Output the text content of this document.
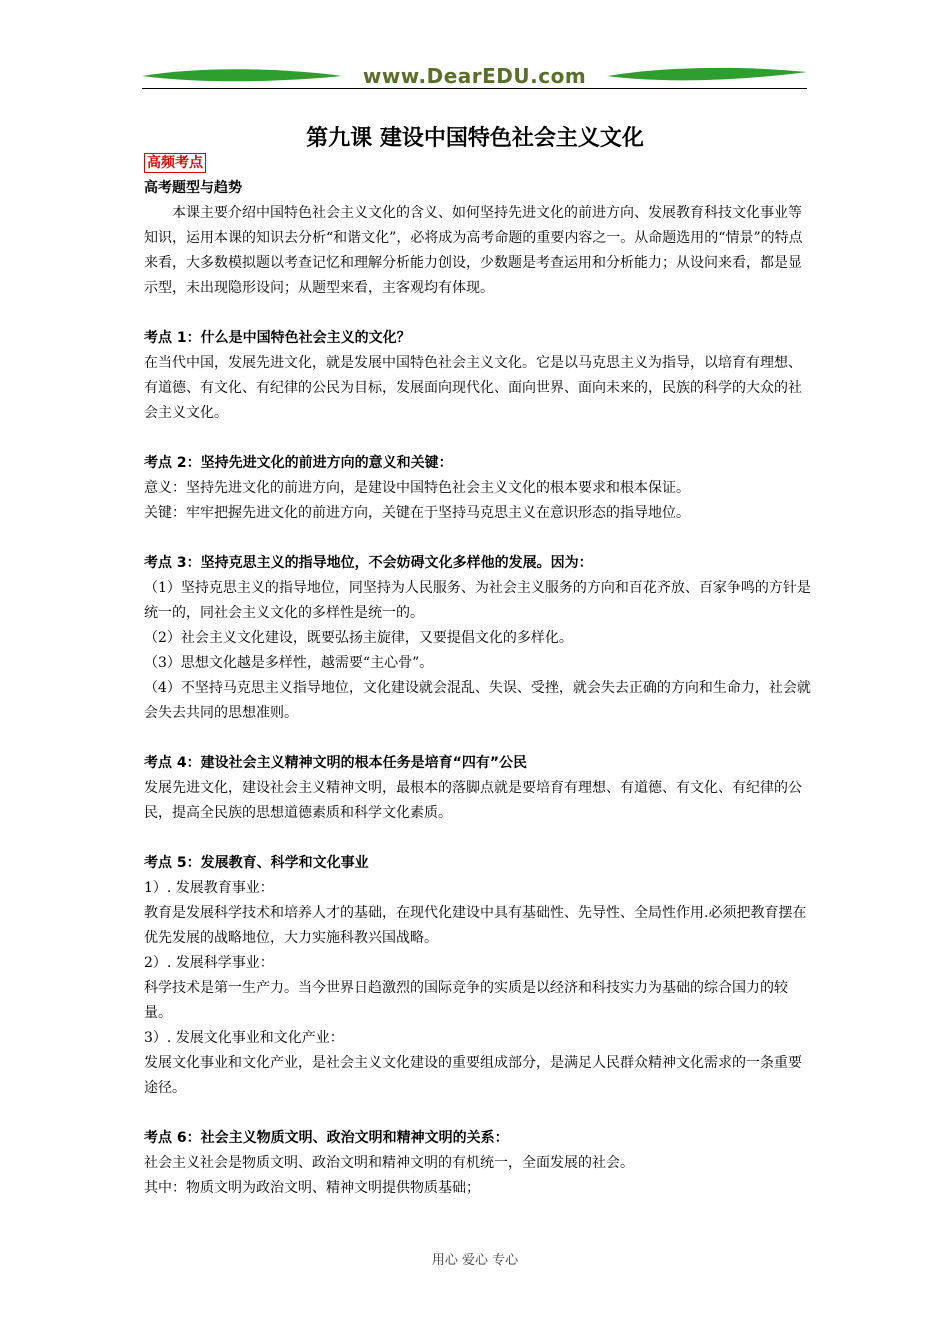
www.DearEDU.com
第九课 建设中国特色社会主义文化
高频考点
高考题型与趋势

本课主要介绍中国特色社会主义文化的含义、如何坚持先进文化的前进方向、发展教育科技文化事业等知识，运用本课的知识去分析“和谐文化”，必将成为高考命题的重要内容之一。从命题选用的“情景”的特点来看，大多数模拟题以考查记忆和理解分析能力创设，少数题是考查运用和分析能力；从设问来看，都是显示型，未出现隐形设问；从题型来看，主客观均有体现。

考点 1：什么是中国特色社会主义的文化？

在当代中国，发展先进文化，就是发展中国特色社会主义文化。它是以马克思主义为指导，以培育有理想、有道德、有文化、有纪律的公民为目标，发展面向现代化、面向世界、面向未来的，民族的科学的大众的社会主义文化。

考点 2：坚持先进文化的前进方向的意义和关键：

意义：坚持先进文化的前进方向，是建设中国特色社会主义文化的根本要求和根本保证。

关键：牢牢把握先进文化的前进方向，关键在于坚持马克思主义在意识形态的指导地位。

考点 3：坚持克思主义的指导地位，不会妨碍文化多样他的发展。因为：

（1）坚持克思主义的指导地位，同坚持为人民服务、为社会主义服务的方向和百花齐放、百家争鸣的方针是统一的，同社会主义文化的多样性是统一的。

（2）社会主义文化建设，既要弘扬主旋律，又要提倡文化的多样化。

（3）思想文化越是多样性，越需要“主心骨”。

（4）不坚持马克思主义指导地位，文化建设就会混乱、失误、受挫，就会失去正确的方向和生命力，社会就会失去共同的思想准则。

考点 4：建设社会主义精神文明的根本任务是培育“四有”公民

发展先进文化，建设社会主义精神文明，最根本的落脚点就是要培育有理想、有道德、有文化、有纪律的公民，提高全民族的思想道德素质和科学文化素质。

考点 5：发展教育、科学和文化事业

1）. 发展教育事业：

教育是发展科学技术和培养人才的基础，在现代化建设中具有基础性、先导性、全局性作用.必须把教育摆在优先发展的战略地位，大力实施科教兴国战略。

2）. 发展科学事业：

科学技术是第一生产力。当今世界日趋激烈的国际竞争的实质是以经济和科技实力为基础的综合国力的较量。

3）. 发展文化事业和文化产业：

发展文化事业和文化产业，是社会主义文化建设的重要组成部分，是满足人民群众精神文化需求的一条重要途径。

考点 6：社会主义物质文明、政治文明和精神文明的关系：

社会主义社会是物质文明、政治文明和精神文明的有机统一，全面发展的社会。

其中：物质文明为政治文明、精神文明提供物质基础；

用心 爱心 专心
